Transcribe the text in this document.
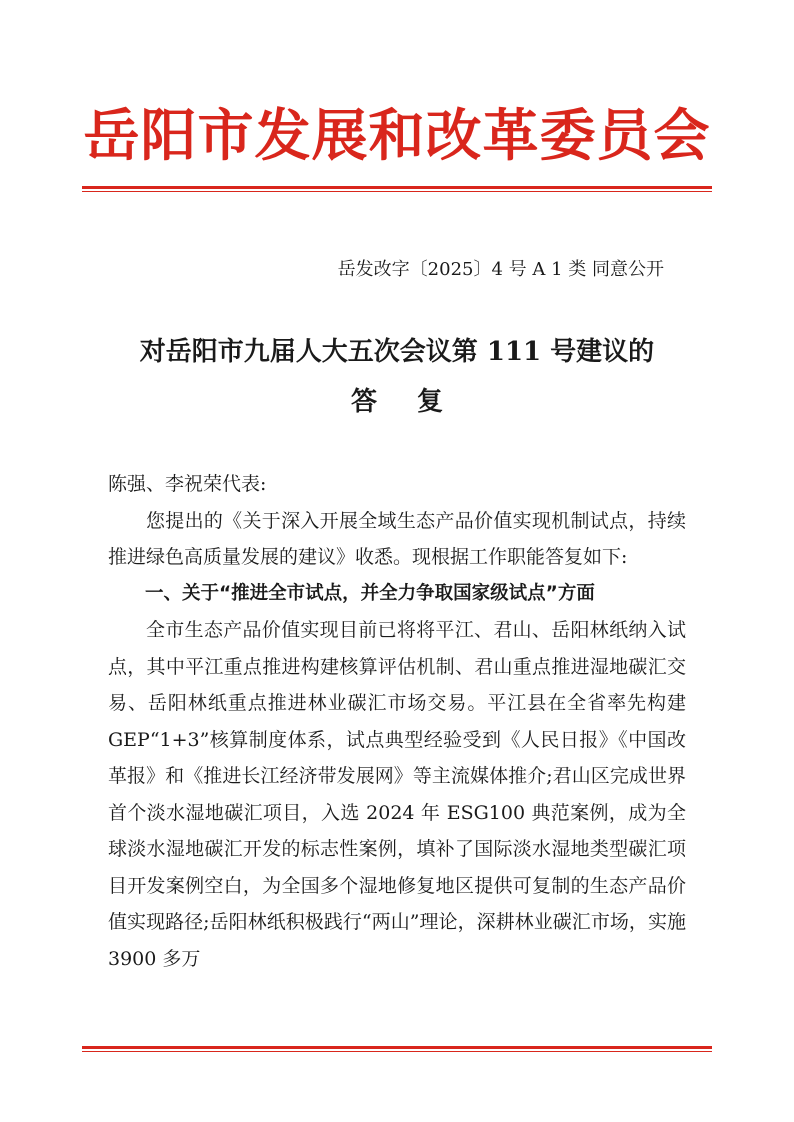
岳阳市发展和改革委员会
岳发改字〔2025〕4 号 A 1 类 同意公开
对岳阳市九届人大五次会议第 111 号建议的
答复

陈强、李祝荣代表:

您提出的《关于深入开展全域生态产品价值实现机制试点，持续推进绿色高质量发展的建议》收悉。现根据工作职能答复如下:

一、关于“推进全市试点，并全力争取国家级试点”方面

全市生态产品价值实现目前已将将平江、君山、岳阳林纸纳入试点，其中平江重点推进构建核算评估机制、君山重点推进湿地碳汇交易、岳阳林纸重点推进林业碳汇市场交易。平江县在全省率先构建 GEP“1+3”核算制度体系，试点典型经验受到《人民日报》《中国改革报》和《推进长江经济带发展网》等主流媒体推介;君山区完成世界首个淡水湿地碳汇项目，入选 2024 年 ESG100 典范案例，成为全球淡水湿地碳汇开发的标志性案例，填补了国际淡水湿地类型碳汇项目开发案例空白，为全国多个湿地修复地区提供可复制的生态产品价值实现路径;岳阳林纸积极践行“两山”理论，深耕林业碳汇市场，实施 3900 多万
